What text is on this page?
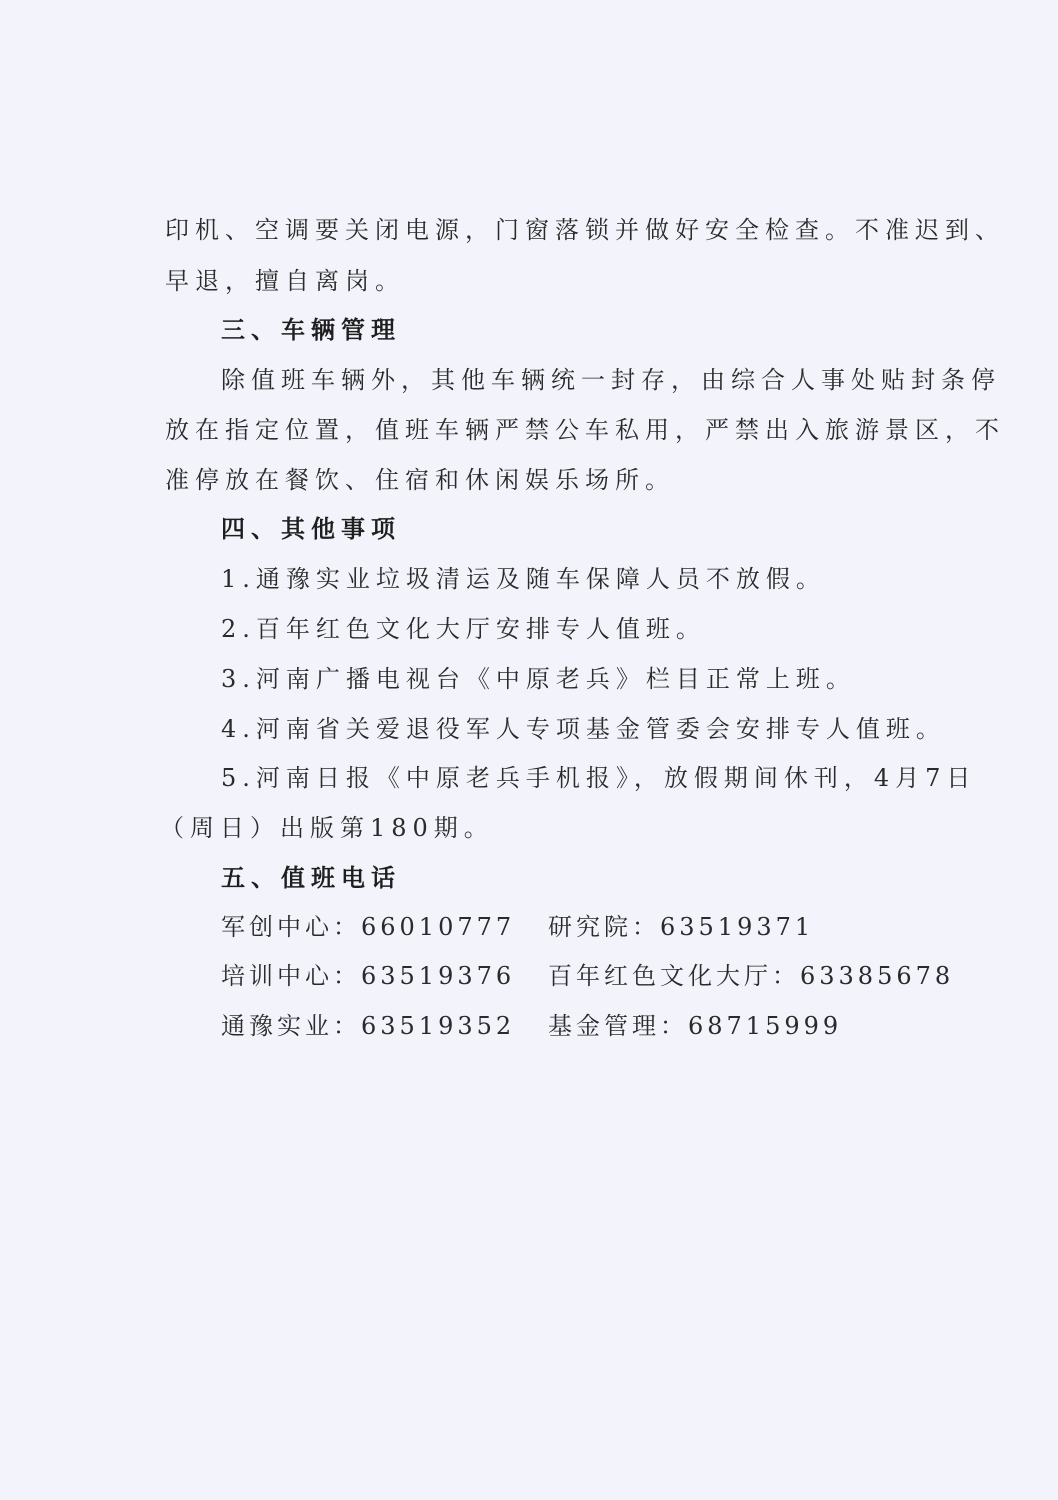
印机、空调要关闭电源，门窗落锁并做好安全检查。不准迟到、
早退，擅自离岗。
三、车辆管理
除值班车辆外，其他车辆统一封存，由综合人事处贴封条停
放在指定位置，值班车辆严禁公车私用，严禁出入旅游景区，不
准停放在餐饮、住宿和休闲娱乐场所。
四、其他事项
1.通豫实业垃圾清运及随车保障人员不放假。
2.百年红色文化大厅安排专人值班。
3.河南广播电视台《中原老兵》栏目正常上班。
4.河南省关爱退役军人专项基金管委会安排专人值班。
5.河南日报《中原老兵手机报》，放假期间休刊，4月7日
（周日）出版第180期。
五、值班电话
军创中心：66010777 研究院：63519371
培训中心：63519376 百年红色文化大厅：63385678
通豫实业：63519352 基金管理：68715999
